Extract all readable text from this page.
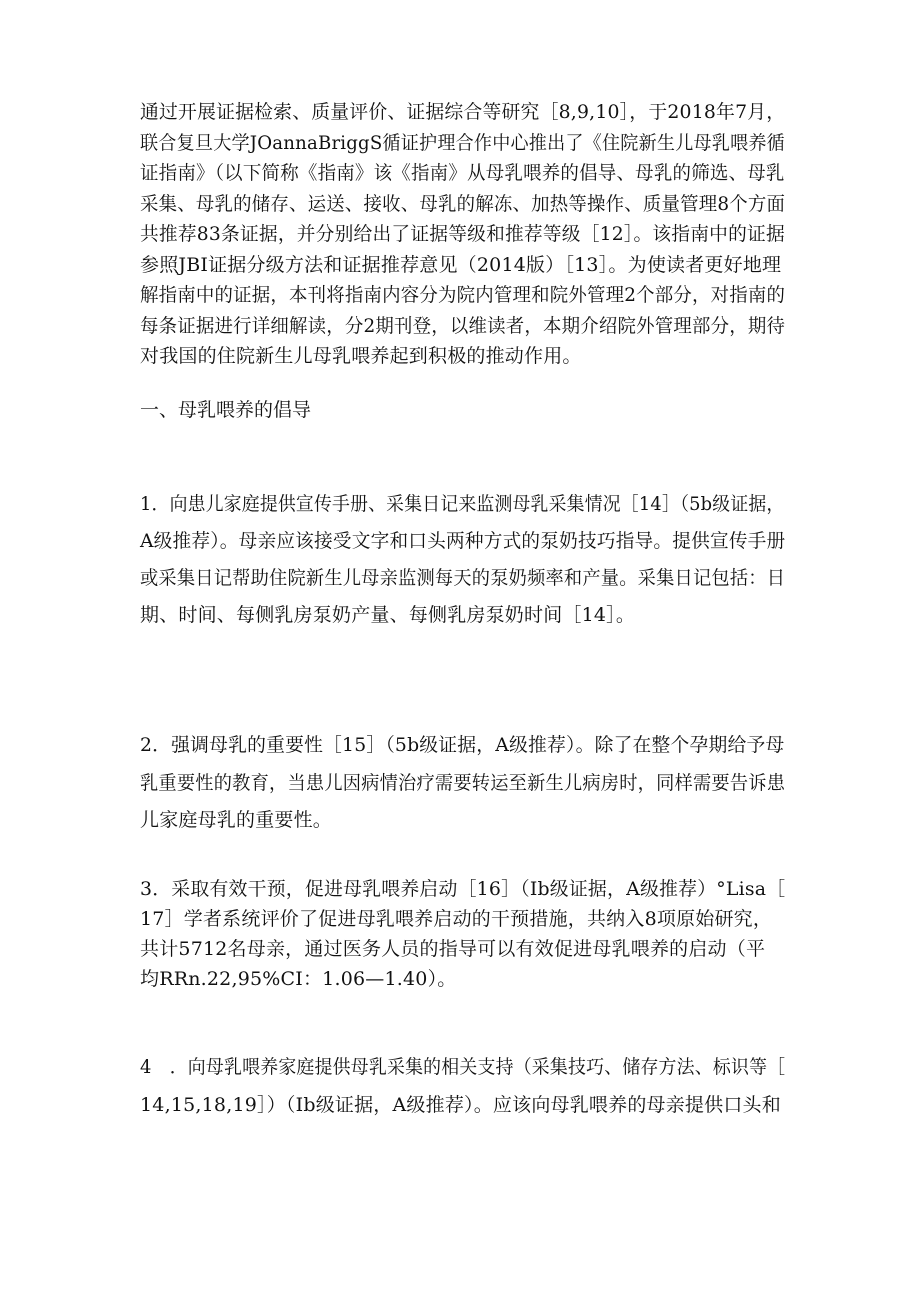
通过开展证据检索、质量评价、证据综合等研究［8,9,10］，于2018年7月，
联合复旦大学JOannaBriggS循证护理合作中心推出了《住院新生儿母乳喂养循
证指南》（以下简称《指南》该《指南》从母乳喂养的倡导、母乳的筛选、母乳
采集、母乳的储存、运送、接收、母乳的解冻、加热等操作、质量管理8个方面
共推荐83条证据，并分别给出了证据等级和推荐等级［12］。该指南中的证据
参照JBI证据分级方法和证据推荐意见（2014版）［13］。为使读者更好地理
解指南中的证据，本刊将指南内容分为院内管理和院外管理2个部分，对指南的
每条证据进行详细解读，分2期刊登，以维读者，本期介绍院外管理部分，期待
对我国的住院新生儿母乳喂养起到积极的推动作用。
一、母乳喂养的倡导
1．向患儿家庭提供宣传手册、采集日记来监测母乳采集情况［14］（5b级证据，
A级推荐）。母亲应该接受文字和口头两种方式的泵奶技巧指导。提供宣传手册
或采集日记帮助住院新生儿母亲监测每天的泵奶频率和产量。采集日记包括：日
期、时间、每侧乳房泵奶产量、每侧乳房泵奶时间［14］。
2．强调母乳的重要性［15］（5b级证据，A级推荐）。除了在整个孕期给予母
乳重要性的教育，当患儿因病情治疗需要转运至新生儿病房时，同样需要告诉患
儿家庭母乳的重要性。
3．采取有效干预，促进母乳喂养启动［16］（Ib级证据，A级推荐）°Lisa［
17］学者系统评价了促进母乳喂养启动的干预措施，共纳入8项原始研究，
共计5712名母亲，通过医务人员的指导可以有效促进母乳喂养的启动（平
均RRn.22,95%CI：1.06—1.40）。
4　．向母乳喂养家庭提供母乳采集的相关支持（采集技巧、储存方法、标识等［
14,15,18,19］）（Ib级证据，A级推荐）。应该向母乳喂养的母亲提供口头和
